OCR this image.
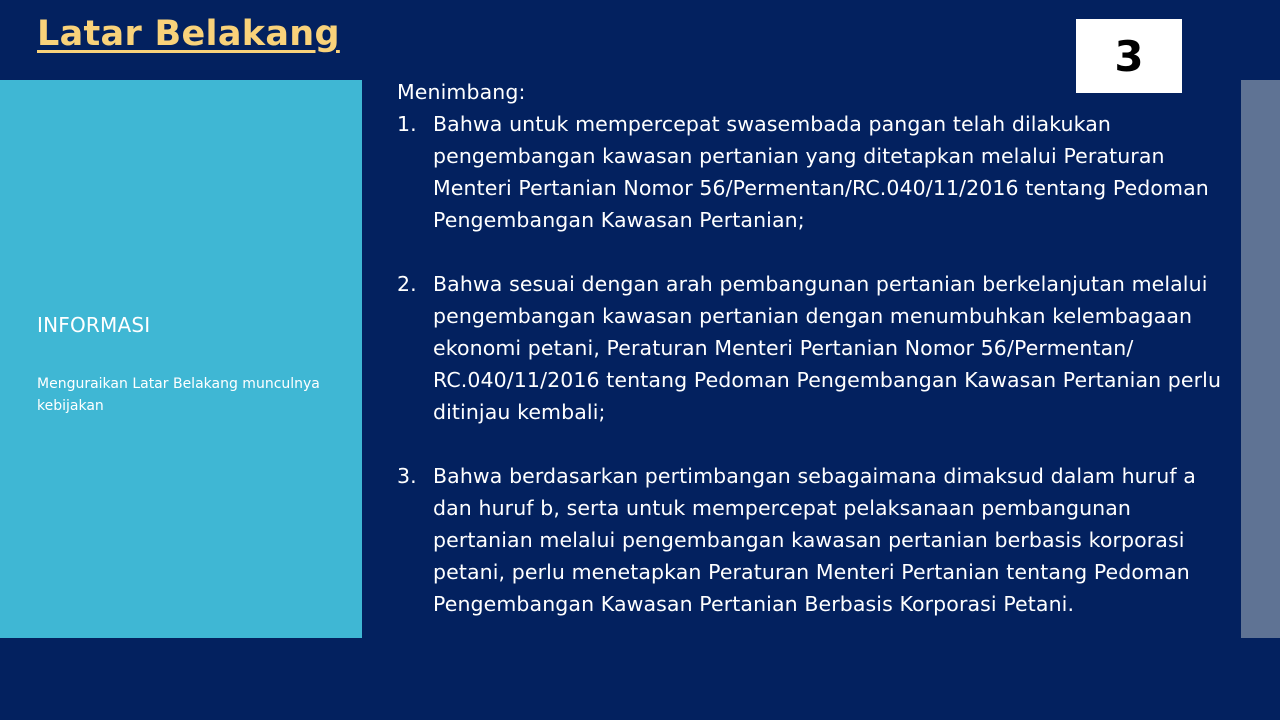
Latar Belakang	3
INFORMASI
Menguraikan Latar Belakang munculnya kebijakan

Menimbang:

1. Bahwa untuk mempercepat swasembada pangan telah dilakukan pengembangan kawasan pertanian yang ditetapkan melalui Peraturan Menteri Pertanian Nomor 56/Permentan/RC.040/11/2016 tentang Pedoman Pengembangan Kawasan Pertanian;
2. Bahwa sesuai dengan arah pembangunan pertanian berkelanjutan melalui pengembangan kawasan pertanian dengan menumbuhkan kelembagaan ekonomi petani, Peraturan Menteri Pertanian Nomor 56/Permentan/ RC.040/11/2016 tentang Pedoman Pengembangan Kawasan Pertanian perlu ditinjau kembali;
3. Bahwa berdasarkan pertimbangan sebagaimana dimaksud dalam huruf a dan huruf b, serta untuk mempercepat pelaksanaan pembangunan pertanian melalui pengembangan kawasan pertanian berbasis korporasi petani, perlu menetapkan Peraturan Menteri Pertanian tentang Pedoman Pengembangan Kawasan Pertanian Berbasis Korporasi Petani.
